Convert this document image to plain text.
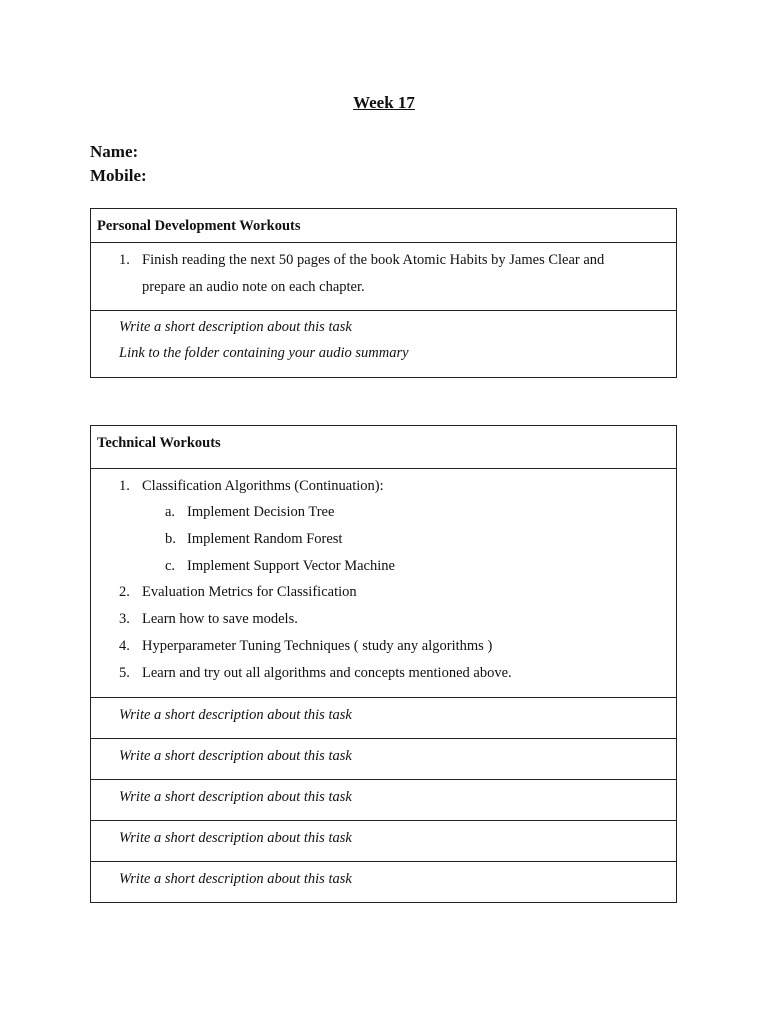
Week 17
Name:
Mobile:
Personal Development Workouts
1. Finish reading the next 50 pages of the book Atomic Habits by James Clear and
prepare an audio note on each chapter.
Write a short description about this task
Link to the folder containing your audio summary
Technical Workouts
1. Classification Algorithms (Continuation):
a. Implement Decision Tree
b. Implement Random Forest
c. Implement Support Vector Machine
2. Evaluation Metrics for Classification
3. Learn how to save models.
4. Hyperparameter Tuning Techniques ( study any algorithms )
5. Learn and try out all algorithms and concepts mentioned above.
Write a short description about this task
Write a short description about this task
Write a short description about this task
Write a short description about this task
Write a short description about this task
